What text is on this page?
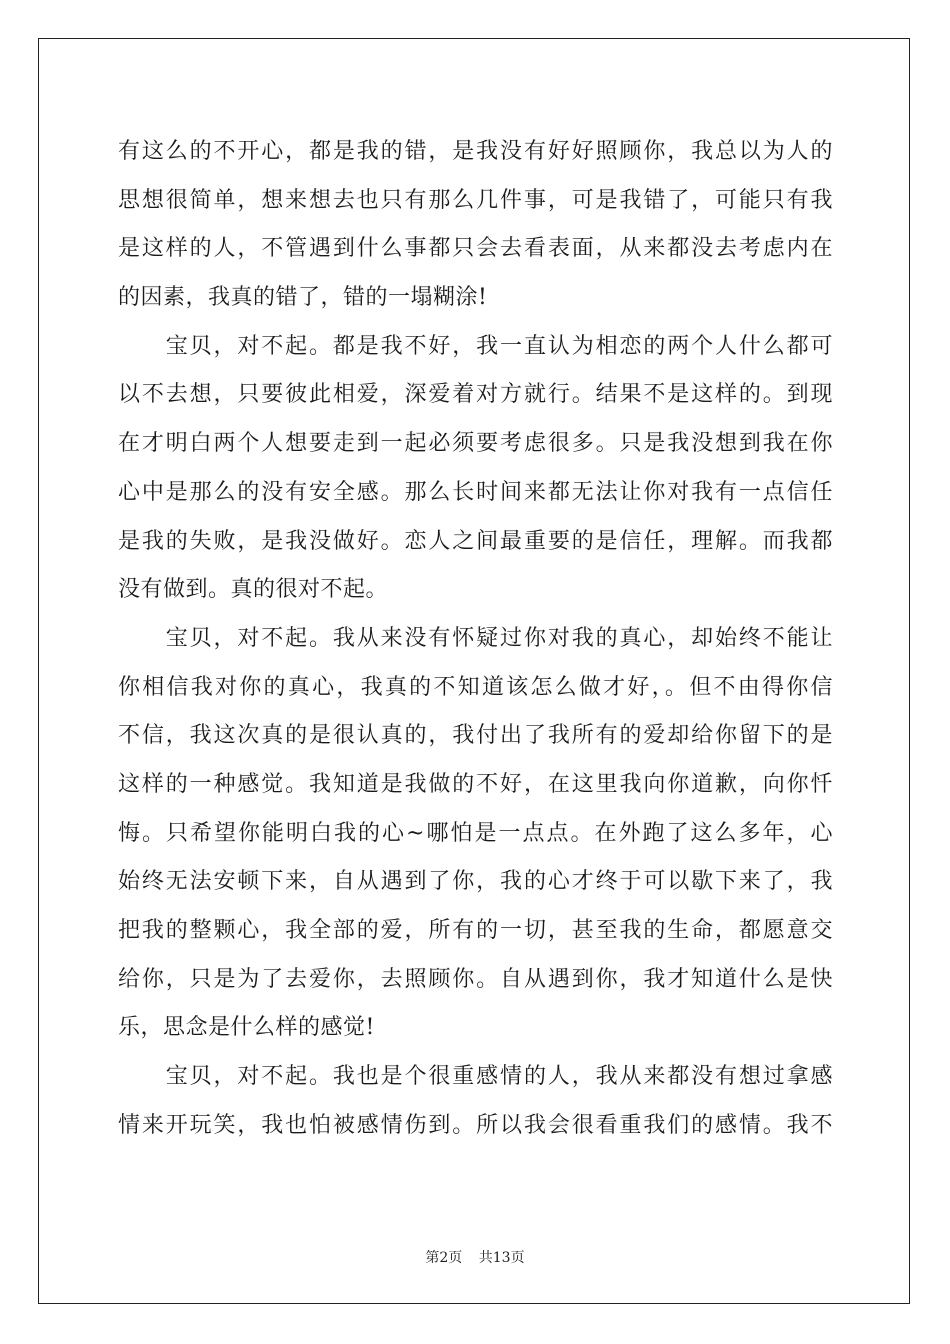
有这么的不开心，都是我的错，是我没有好好照顾你，我总以为人的
思想很简单，想来想去也只有那么几件事，可是我错了，可能只有我
是这样的人，不管遇到什么事都只会去看表面，从来都没去考虑内在
的因素，我真的错了，错的一塌糊涂!
　　宝贝，对不起。都是我不好，我一直认为相恋的两个人什么都可
以不去想，只要彼此相爱，深爱着对方就行。结果不是这样的。到现
在才明白两个人想要走到一起必须要考虑很多。只是我没想到我在你
心中是那么的没有安全感。那么长时间来都无法让你对我有一点信任
是我的失败，是我没做好。恋人之间最重要的是信任，理解。而我都
没有做到。真的很对不起。
　　宝贝，对不起。我从来没有怀疑过你对我的真心，却始终不能让
你相信我对你的真心，我真的不知道该怎么做才好，。但不由得你信
不信，我这次真的是很认真的，我付出了我所有的爱却给你留下的是
这样的一种感觉。我知道是我做的不好，在这里我向你道歉，向你忏
悔。只希望你能明白我的心~哪怕是一点点。在外跑了这么多年，心
始终无法安顿下来，自从遇到了你，我的心才终于可以歇下来了，我
把我的整颗心，我全部的爱，所有的一切，甚至我的生命，都愿意交
给你，只是为了去爱你，去照顾你。自从遇到你，我才知道什么是快
乐，思念是什么样的感觉!
　　宝贝，对不起。我也是个很重感情的人，我从来都没有想过拿感
情来开玩笑，我也怕被感情伤到。所以我会很看重我们的感情。我不
第2页 共13页
